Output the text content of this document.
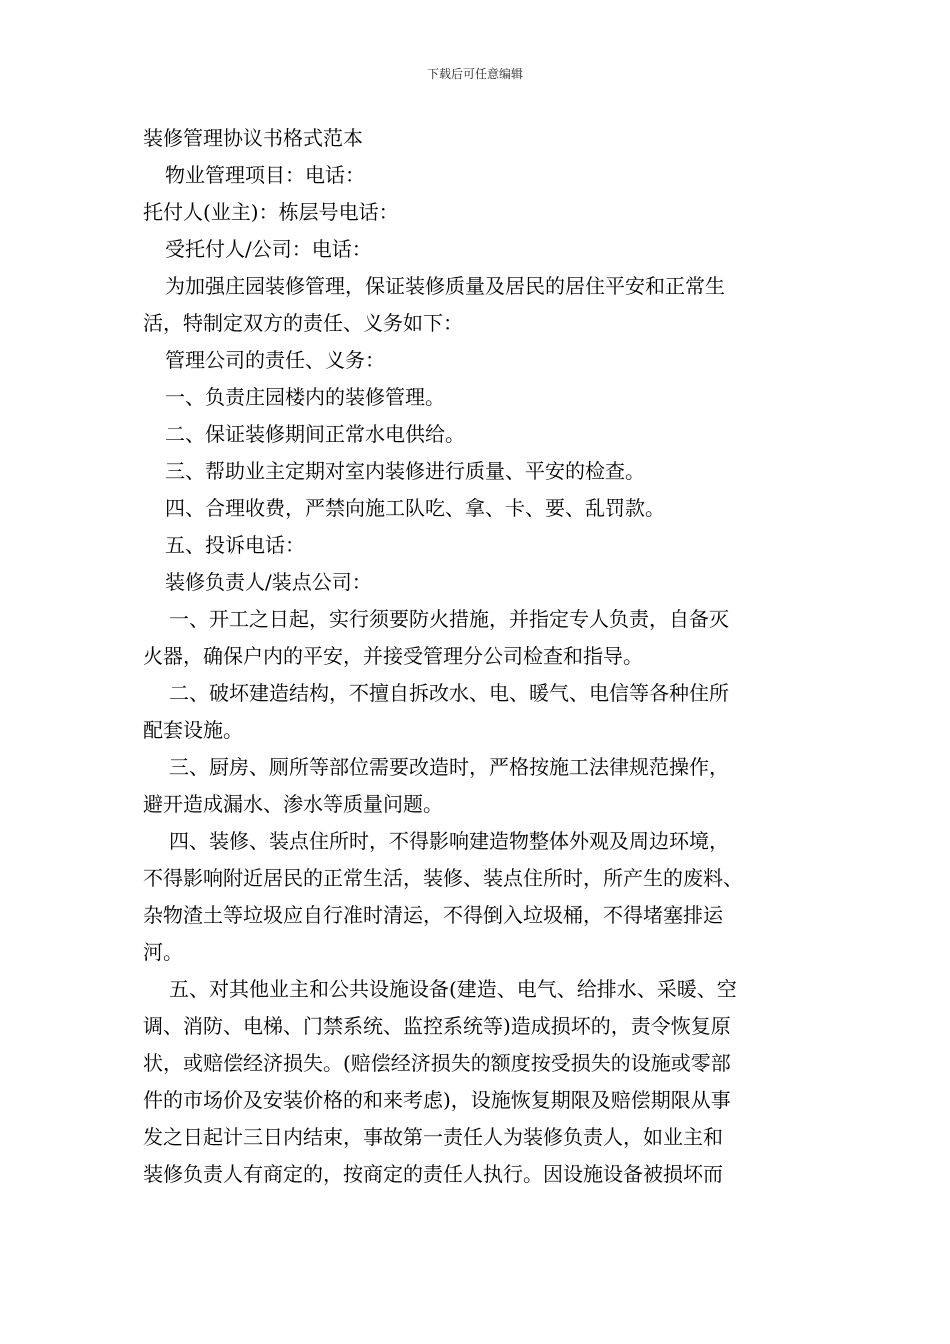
下载后可任意编辑
装修管理协议书格式范本
物业管理项目：电话：
托付人(业主)：栋层号电话：
受托付人/公司：电话：
为加强庄园装修管理，保证装修质量及居民的居住平安和正常生
活，特制定双方的责任、义务如下：
管理公司的责任、义务：
一、负责庄园楼内的装修管理。
二、保证装修期间正常水电供给。
三、帮助业主定期对室内装修进行质量、平安的检查。
四、合理收费，严禁向施工队吃、拿、卡、要、乱罚款。
五、投诉电话：
装修负责人/装点公司：
一、开工之日起，实行须要防火措施，并指定专人负责，自备灭
火器，确保户内的平安，并接受管理分公司检查和指导。
二、破坏建造结构，不擅自拆改水、电、暖气、电信等各种住所
配套设施。
三、厨房、厕所等部位需要改造时，严格按施工法律规范操作，
避开造成漏水、渗水等质量问题。
四、装修、装点住所时，不得影响建造物整体外观及周边环境，
不得影响附近居民的正常生活，装修、装点住所时，所产生的废料、
杂物渣土等垃圾应自行准时清运，不得倒入垃圾桶，不得堵塞排运
河。
五、对其他业主和公共设施设备(建造、电气、给排水、采暖、空
调、消防、电梯、门禁系统、监控系统等)造成损坏的，责令恢复原
状，或赔偿经济损失。(赔偿经济损失的额度按受损失的设施或零部
件的市场价及安装价格的和来考虑)，设施恢复期限及赔偿期限从事
发之日起计三日内结束，事故第一责任人为装修负责人，如业主和
装修负责人有商定的，按商定的责任人执行。因设施设备被损坏而
